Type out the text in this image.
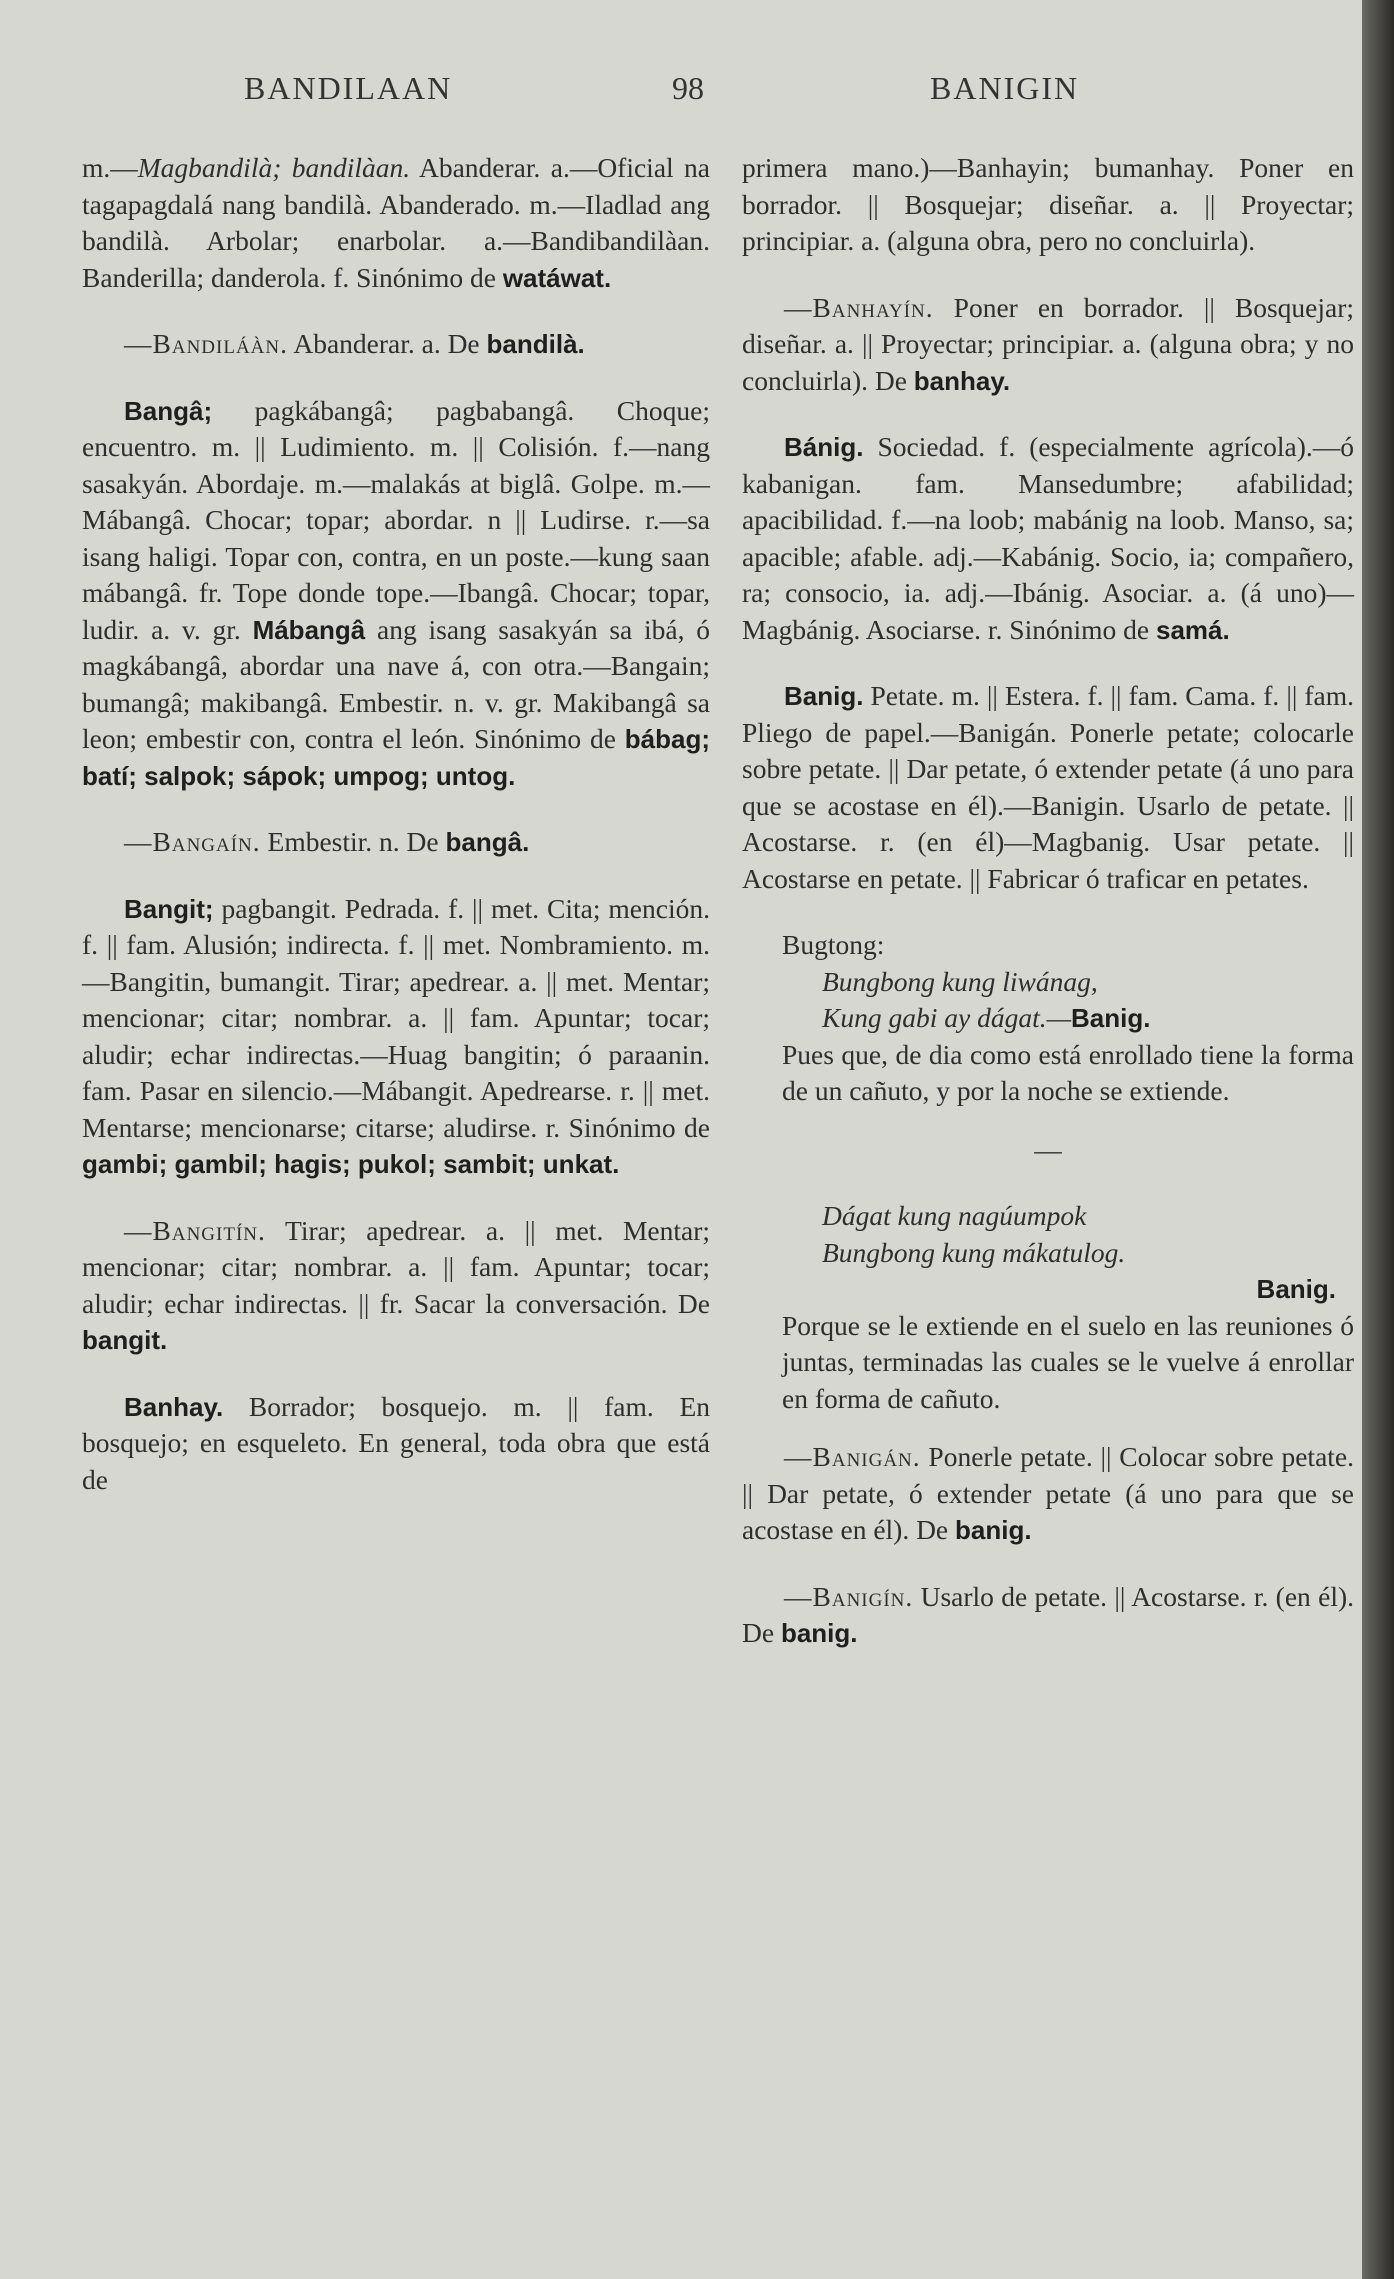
BANDILAAN	98	BANIGIN

m.—Magbandilà; bandilàan. Abanderar. a.—Oficial na tagapagdalá nang bandilà. Abanderado. m.—Iladlad ang bandilà. Arbolar; enarbolar. a.—Bandibandilàan. Banderilla; danderola. f. Sinónimo de watáwat.

—Bandiláàn. Abanderar. a. De bandilà.

Bangâ; pagkábangâ; pagbabangâ. Choque; encuentro. m. || Ludimiento. m. || Colisión. f.—nang sasakyán. Abordaje. m.—malakás at biglâ. Golpe. m.—Mábangâ. Chocar; topar; abordar. n || Ludirse. r.—sa isang haligi. Topar con, contra, en un poste.—kung saan mábangâ. fr. Tope donde tope.—Ibangâ. Chocar; topar, ludir. a. v. gr. Mábangâ ang isang sasakyán sa ibá, ó magkábangâ, abordar una nave á, con otra.—Bangain; bumangâ; makibangâ. Embestir. n. v. gr. Makibangâ sa leon; embestir con, contra el león. Sinónimo de bábag; batí; salpok; sápok; umpog; untog.

—Bangaín. Embestir. n. De bangâ.

Bangit; pagbangit. Pedrada. f. || met. Cita; mención. f. || fam. Alusión; indirecta. f. || met. Nombramiento. m.—Bangitin, bumangit. Tirar; apedrear. a. || met. Mentar; mencionar; citar; nombrar. a. || fam. Apuntar; tocar; aludir; echar indirectas.—Huag bangitin; ó paraanin. fam. Pasar en silencio.—Mábangit. Apedrearse. r. || met. Mentarse; mencionarse; citarse; aludirse. r. Sinónimo de gambi; gambil; hagis; pukol; sambit; unkat.

—Bangitín. Tirar; apedrear. a. || met. Mentar; mencionar; citar; nombrar. a. || fam. Apuntar; tocar; aludir; echar indirectas. || fr. Sacar la conversación. De bangit.

Banhay. Borrador; bosquejo. m. || fam. En bosquejo; en esqueleto. En general, toda obra que está de

primera mano.)—Banhayin; bumanhay. Poner en borrador. || Bosquejar; diseñar. a. || Proyectar; principiar. a. (alguna obra, pero no concluirla).

—Banhayín. Poner en borrador. || Bosquejar; diseñar. a. || Proyectar; principiar. a. (alguna obra; y no concluirla). De banhay.

Bánig. Sociedad. f. (especialmente agrícola).—ó kabanigan. fam. Mansedumbre; afabilidad; apacibilidad. f.—na loob; mabánig na loob. Manso, sa; apacible; afable. adj.—Kabánig. Socio, ia; compañero, ra; consocio, ia. adj.—Ibánig. Asociar. a. (á uno)—Magbánig. Asociarse. r. Sinónimo de samá.

Banig. Petate. m. || Estera. f. || fam. Cama. f. || fam. Pliego de papel.—Banigán. Ponerle petate; colocarle sobre petate. || Dar petate, ó extender petate (á uno para que se acostase en él).—Banigin. Usarlo de petate. || Acostarse. r. (en él)—Magbanig. Usar petate. || Acostarse en petate. || Fabricar ó traficar en petates.

Bugtong:
Bungbong kung liwánag,
Kung gabi ay dágat.—Banig.
Pues que, de dia como está enrollado tiene la forma de un cañuto, y por la noche se extiende.
—
Dágat kung nagúumpok
Bungbong kung mákatulog.
Banig.
Porque se le extiende en el suelo en las reuniones ó juntas, terminadas las cuales se le vuelve á enrollar en forma de cañuto.

—Banigán. Ponerle petate. || Colocar sobre petate. || Dar petate, ó extender petate (á uno para que se acostase en él). De banig.

—Banigín. Usarlo de petate. || Acostarse. r. (en él). De banig.
